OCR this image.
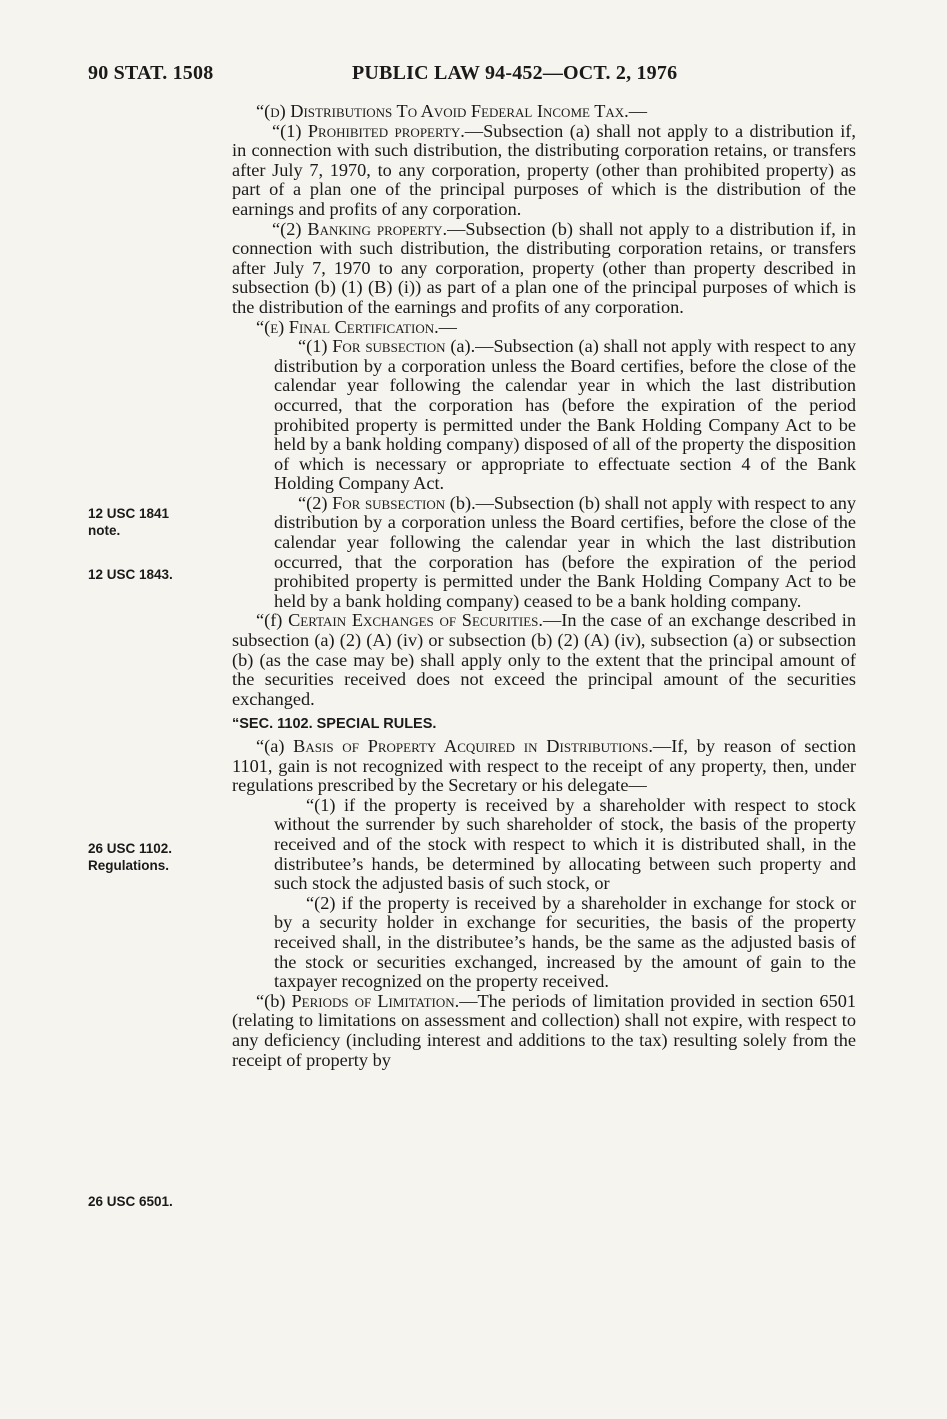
90 STAT. 1508	PUBLIC LAW 94-452—OCT. 2, 1976
12 USC 1841
note.
12 USC 1843.
26 USC 1102.
Regulations.
26 USC 6501.

“(d) Distributions To Avoid Federal Income Tax.—

“(1) Prohibited property.—Subsection (a) shall not apply to a distribution if, in connection with such distribution, the distributing corporation retains, or transfers after July 7, 1970, to any corporation, property (other than prohibited property) as part of a plan one of the principal purposes of which is the distribution of the earnings and profits of any corporation.

“(2) Banking property.—Subsection (b) shall not apply to a distribution if, in connection with such distribution, the distributing corporation retains, or transfers after July 7, 1970 to any corporation, property (other than property described in subsection (b) (1) (B) (i)) as part of a plan one of the principal purposes of which is the distribution of the earnings and profits of any corporation.

“(e) Final Certification.—

“(1) For subsection (a).—Subsection (a) shall not apply with respect to any distribution by a corporation unless the Board certifies, before the close of the calendar year following the calendar year in which the last distribution occurred, that the corporation has (before the expiration of the period prohibited property is permitted under the Bank Holding Company Act to be held by a bank holding company) disposed of all of the property the disposition of which is necessary or appropriate to effectuate section 4 of the Bank Holding Company Act.

“(2) For subsection (b).—Subsection (b) shall not apply with respect to any distribution by a corporation unless the Board certifies, before the close of the calendar year following the calendar year in which the last distribution occurred, that the corporation has (before the expiration of the period prohibited property is permitted under the Bank Holding Company Act to be held by a bank holding company) ceased to be a bank holding company.

“(f) Certain Exchanges of Securities.—In the case of an exchange described in subsection (a) (2) (A) (iv) or subsection (b) (2) (A) (iv), subsection (a) or subsection (b) (as the case may be) shall apply only to the extent that the principal amount of the securities received does not exceed the principal amount of the securities exchanged.

“SEC. 1102. SPECIAL RULES.

“(a) Basis of Property Acquired in Distributions.—If, by reason of section 1101, gain is not recognized with respect to the receipt of any property, then, under regulations prescribed by the Secretary or his delegate—

“(1) if the property is received by a shareholder with respect to stock without the surrender by such shareholder of stock, the basis of the property received and of the stock with respect to which it is distributed shall, in the distributee’s hands, be determined by allocating between such property and such stock the adjusted basis of such stock, or

“(2) if the property is received by a shareholder in exchange for stock or by a security holder in exchange for securities, the basis of the property received shall, in the distributee’s hands, be the same as the adjusted basis of the stock or securities exchanged, increased by the amount of gain to the taxpayer recognized on the property received.

“(b) Periods of Limitation.—The periods of limitation provided in section 6501 (relating to limitations on assessment and collection) shall not expire, with respect to any deficiency (including interest and additions to the tax) resulting solely from the receipt of property by
